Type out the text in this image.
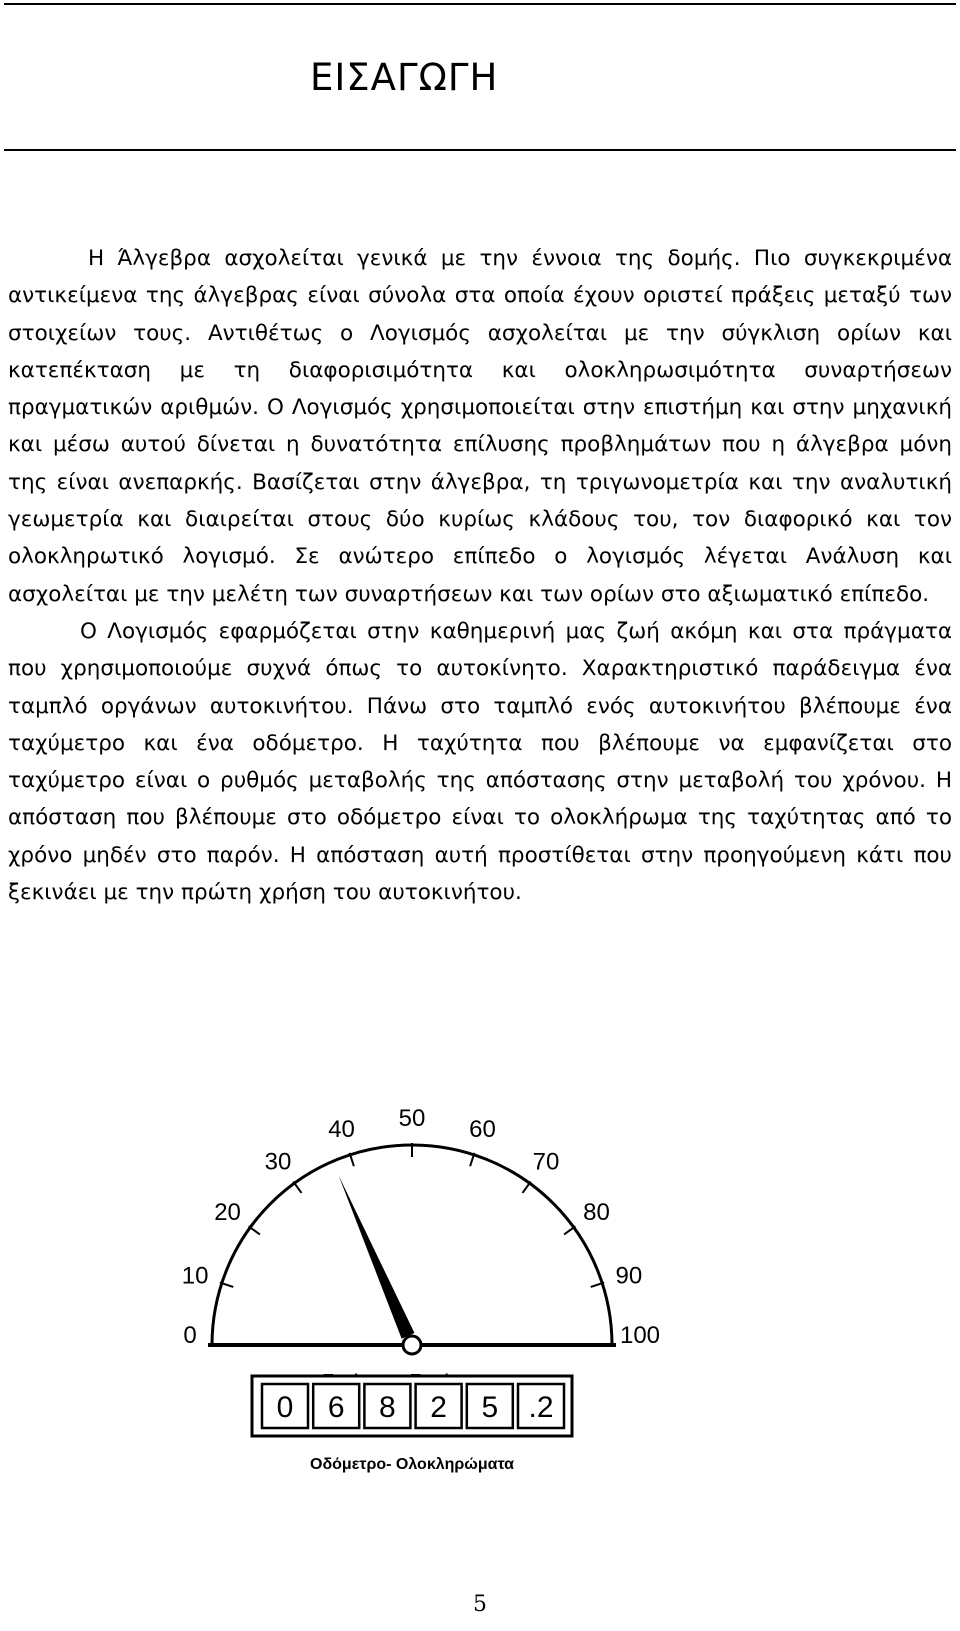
ΕΙΣΑΓΩΓΗ

Η Άλγεβρα ασχολείται γενικά με την έννοια της δομής. Πιο συγκεκριμένα αντικείμενα της άλγεβρας είναι σύνολα στα οποία έχουν οριστεί πράξεις μεταξύ των στοιχείων τους. Αντιθέτως ο Λογισμός ασχολείται με την σύγκλιση ορίων και κατεπέκταση με τη διαφορισιμότητα και ολοκληρωσιμότητα συναρτήσεων πραγματικών αριθμών. Ο Λογισμός χρησιμοποιείται στην επιστήμη και στην μηχανική και μέσω αυτού δίνεται η δυνατότητα επίλυσης προβλημάτων που η άλγεβρα μόνη της είναι ανεπαρκής. Βασίζεται στην άλγεβρα, τη τριγωνομετρία και την αναλυτική γεωμετρία και διαιρείται στους δύο κυρίως κλάδους του, τον διαφορικό και τον ολοκληρωτικό λογισμό. Σε ανώτερο επίπεδο ο λογισμός λέγεται Ανάλυση και ασχολείται με την μελέτη των συναρτήσεων και των ορίων στο αξιωματικό επίπεδο.

Ο Λογισμός εφαρμόζεται στην καθημερινή μας ζωή ακόμη και στα πράγματα που χρησιμοποιούμε συχνά όπως το αυτοκίνητο. Χαρακτηριστικό παράδειγμα ένα ταμπλό οργάνων αυτοκινήτου. Πάνω στο ταμπλό ενός αυτοκινήτου βλέπουμε ένα ταχύμετρο και ένα οδόμετρο. Η ταχύτητα που βλέπουμε να εμφανίζεται στο ταχύμετρο είναι ο ρυθμός μεταβολής της απόστασης στην μεταβολή του χρόνου. Η απόσταση που βλέπουμε στο οδόμετρο είναι το ολοκλήρωμα της ταχύτητας από το χρόνο μηδέν στο παρόν. Η απόσταση αυτή προστίθεται στην προηγούμενη κάτι που ξεκινάει με την πρώτη χρήση του αυτοκινήτου.

0
10
20
30
40 50 60
70
80
90
100
0 6 8 2 5 .2
Οδόμετρο- Ολοκληρώματα
5
